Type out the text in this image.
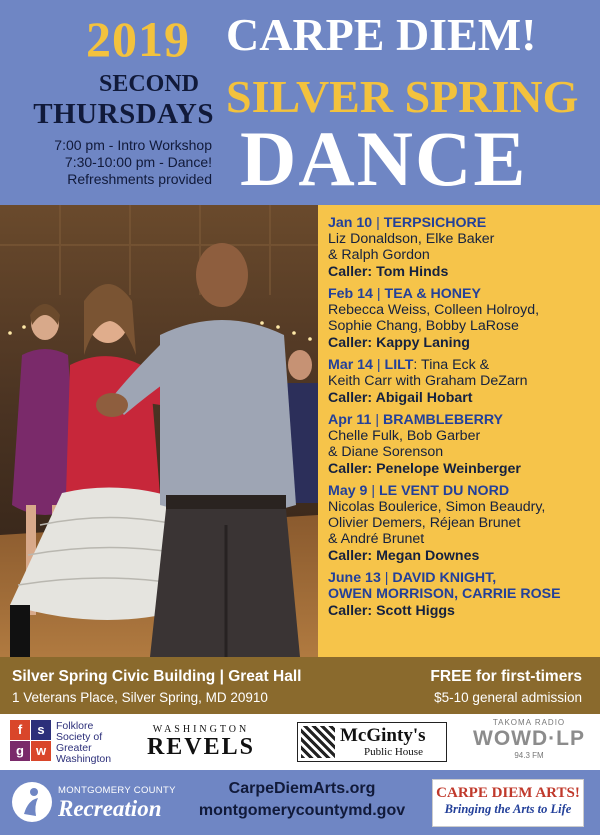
2019 CARPE DIEM!
SILVER SPRING
DANCE
SECOND
THURSDAYS
7:00 pm - Intro Workshop
7:30-10:00 pm - Dance!
Refreshments provided
Jan 10 | TERPSICHORE
Liz Donaldson, Elke Baker
& Ralph Gordon
Caller: Tom Hinds
Feb 14 | TEA & HONEY
Rebecca Weiss, Colleen Holroyd,
Sophie Chang, Bobby LaRose
Caller: Kappy Laning
Mar 14 | LILT: Tina Eck &
Keith Carr with Graham DeZarn
Caller: Abigail Hobart
Apr 11 | BRAMBLEBERRY
Chelle Fulk, Bob Garber
& Diane Sorenson
Caller: Penelope Weinberger
May 9 | LE VENT DU NORD
Nicolas Boulerice, Simon Beaudry,
Olivier Demers, Réjean Brunet
& André Brunet
Caller: Megan Downes
June 13 | DAVID KNIGHT,
OWEN MORRISON, CARRIE ROSE
Caller: Scott Higgs
Silver Spring Civic Building | Great Hall
1 Veterans Place, Silver Spring, MD 20910
FREE for first-timers
$5-10 general admission
f	s
g w
Folklore
Society of
Greater
Washington
WASHINGTON
REVELS	McGinty's
Public House
TAKOMA RADIO
WOWD·LP
94.3 FM
MONTGOMERY COUNTY
Recreation
CarpeDiemArts.org
montgomerycountymd.gov
CARPE DIEM ARTS!
Bringing the Arts to Life
